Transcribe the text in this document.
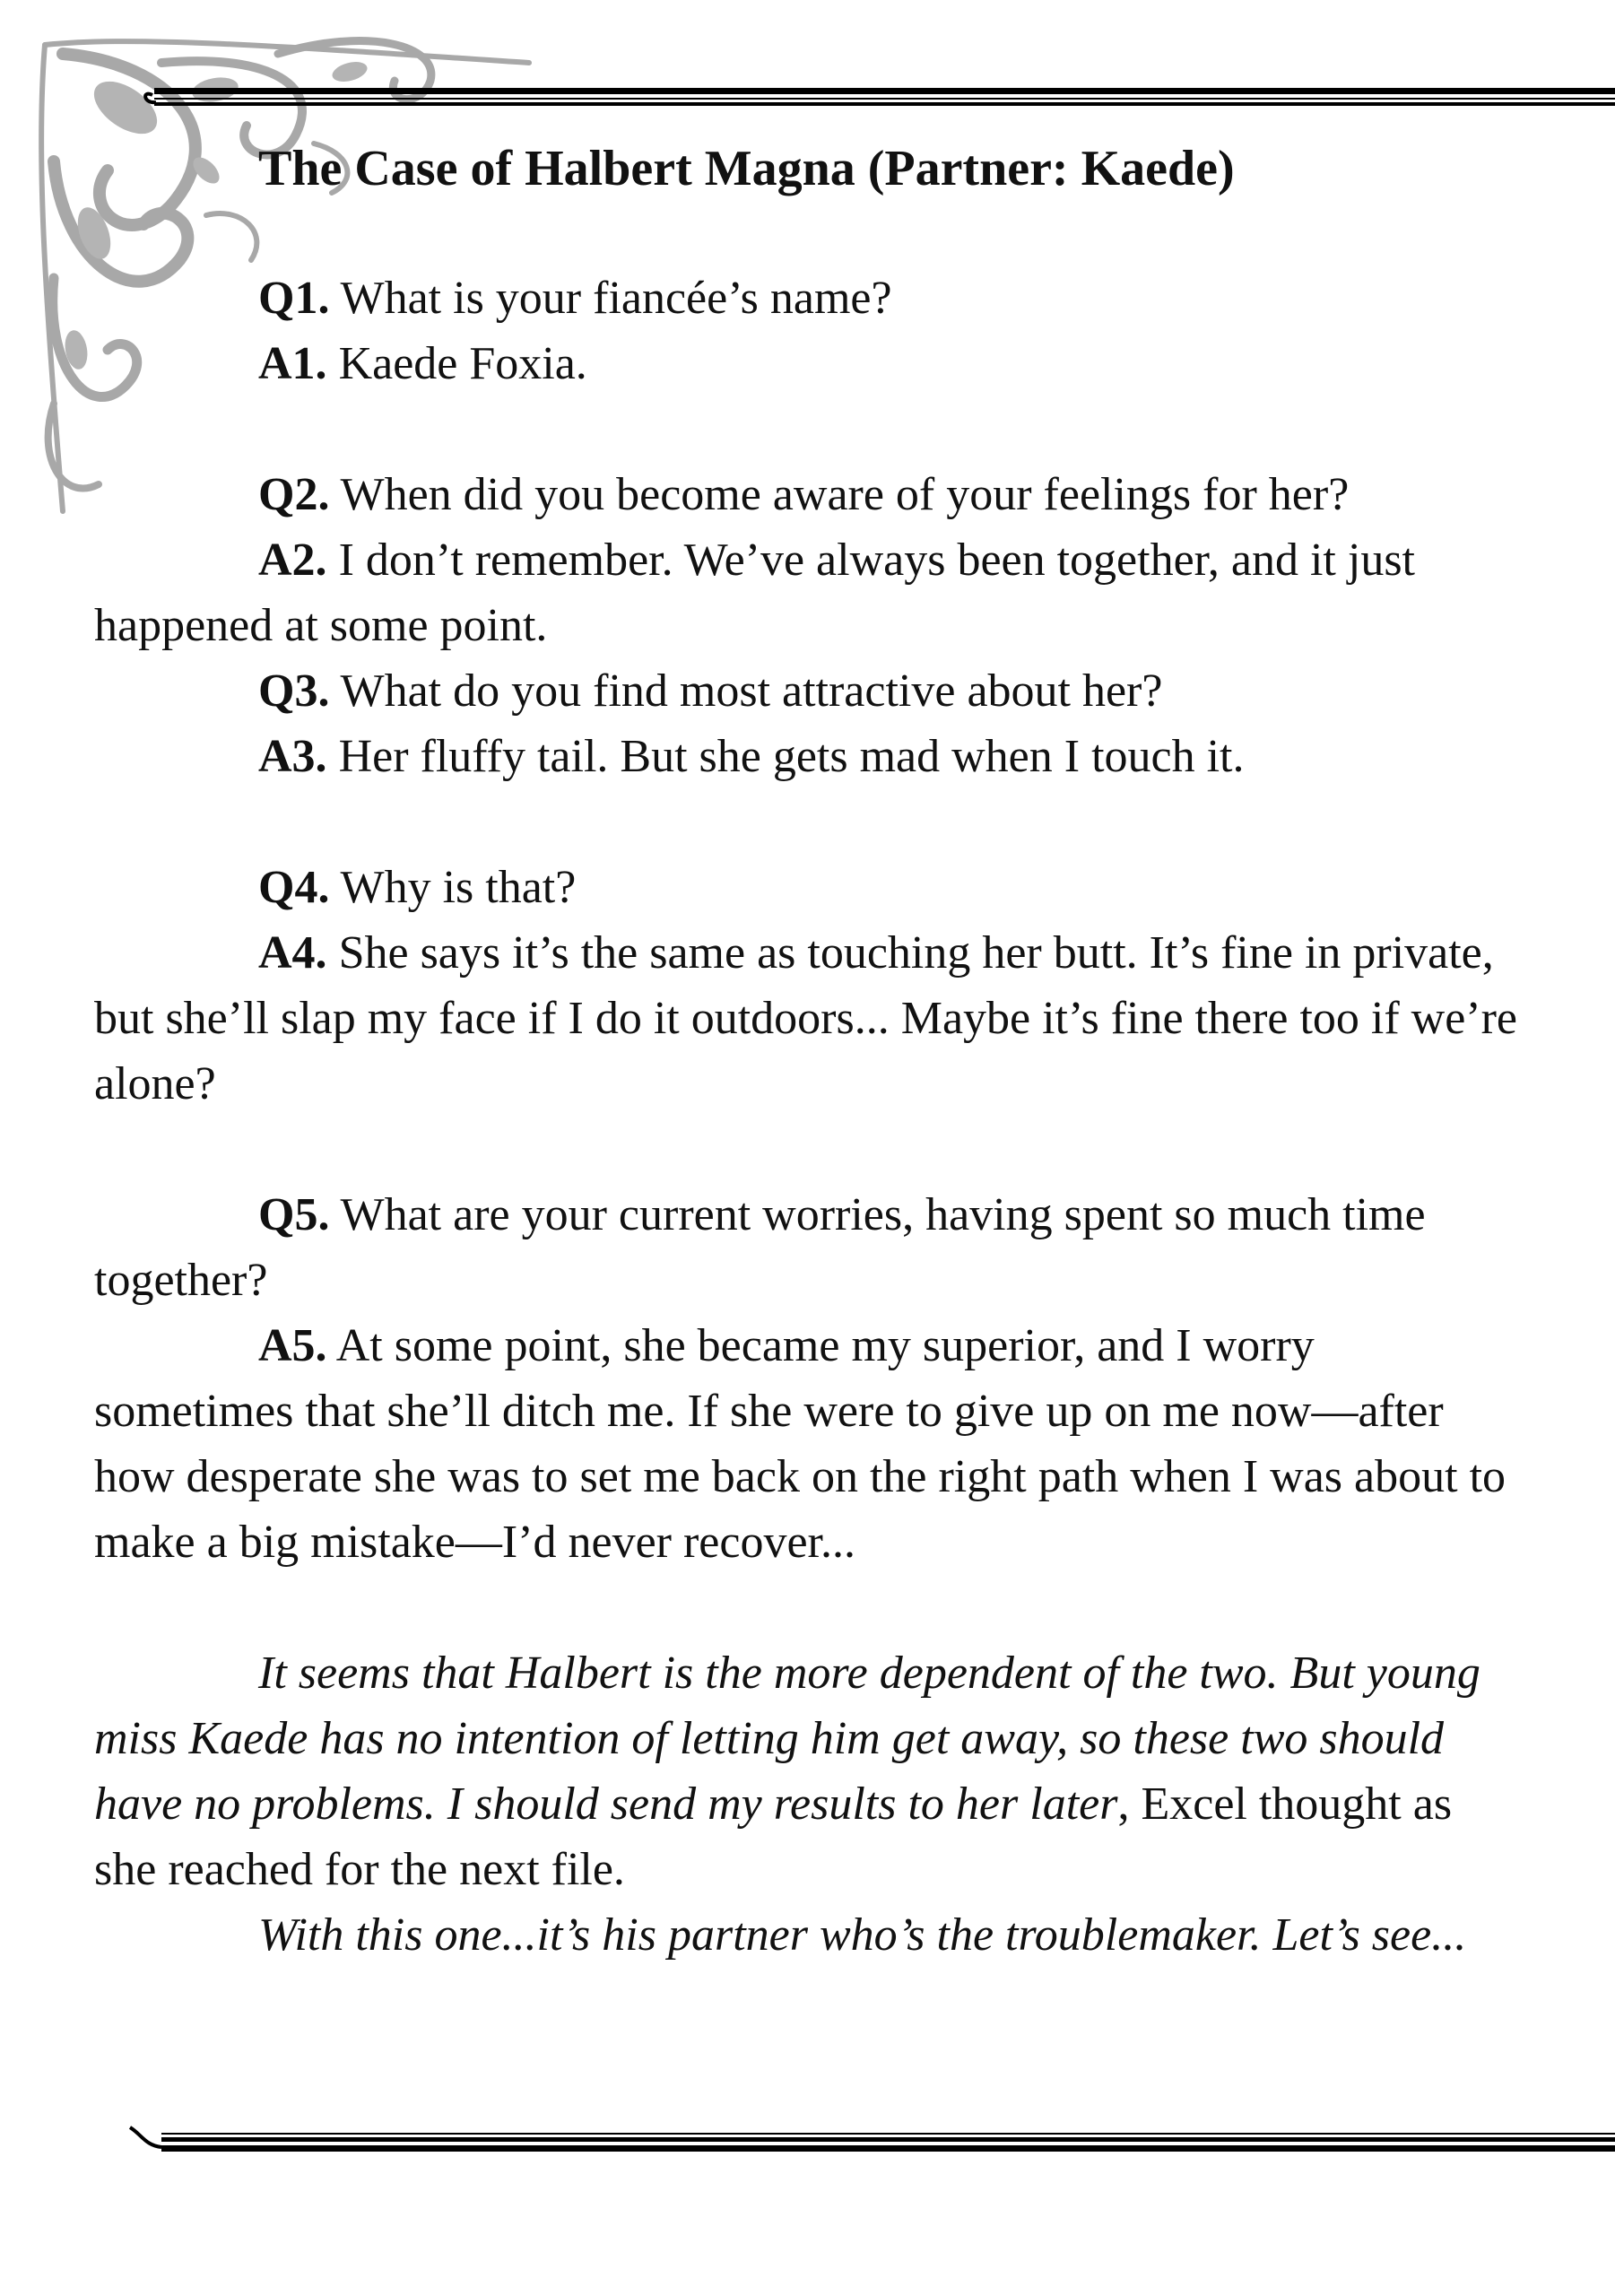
The Case of Halbert Magna (Partner: Kaede)

Q1. What is your fiancée’s name?

A1. Kaede Foxia.

Q2. When did you become aware of your feelings for her?

A2. I don’t remember. We’ve always been together, and it just happened at some point.

Q3. What do you find most attractive about her?

A3. Her fluffy tail. But she gets mad when I touch it.

Q4. Why is that?

A4. She says it’s the same as touching her butt. It’s fine in private, but she’ll slap my face if I do it outdoors... Maybe it’s fine there too if we’re alone?

Q5. What are your current worries, having spent so much time together?

A5. At some point, she became my superior, and I worry sometimes that she’ll ditch me. If she were to give up on me now—after how desperate she was to set me back on the right path when I was about to make a big mistake—I’d never recover...

It seems that Halbert is the more dependent of the two. But young miss Kaede has no intention of letting him get away, so these two should have no problems. I should send my results to her later, Excel thought as she reached for the next file.

With this one...it’s his partner who’s the troublemaker. Let’s see...
